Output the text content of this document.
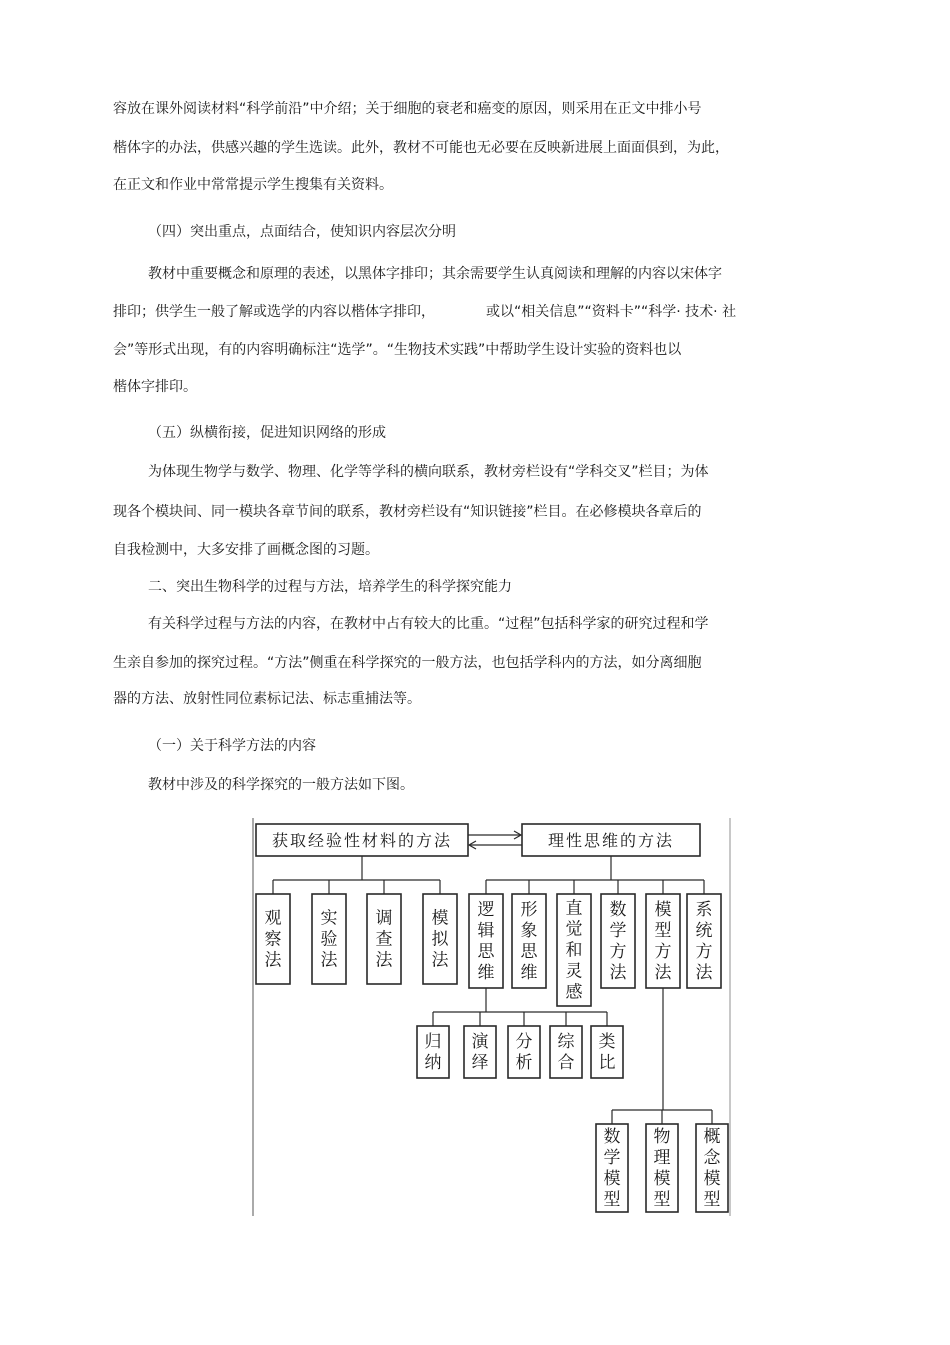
容放在课外阅读材料“科学前沿”中介绍；关于细胞的衰老和癌变的原因，则采用在正文中排小号
楷体字的办法，供感兴趣的学生选读。此外，教材不可能也无必要在反映新进展上面面俱到，为此，
在正文和作业中常常提示学生搜集有关资料。
（四）突出重点，点面结合，使知识内容层次分明
教材中重要概念和原理的表述，以黑体字排印；其余需要学生认真阅读和理解的内容以宋体字
排印；供学生一般了解或选学的内容以楷体字排印，	或以“相关信息”“资料卡”“科学· 技术· 社
会”等形式出现，有的内容明确标注“选学”。“生物技术实践”中帮助学生设计实验的资料也以
楷体字排印。
（五）纵横衔接，促进知识网络的形成
为体现生物学与数学、物理、化学等学科的横向联系，教材旁栏设有“学科交叉”栏目；为体
现各个模块间、同一模块各章节间的联系，教材旁栏设有“知识链接”栏目。在必修模块各章后的
自我检测中，大多安排了画概念图的习题。
二、突出生物科学的过程与方法，培养学生的科学探究能力
有关科学过程与方法的内容，在教材中占有较大的比重。“过程”包括科学家的研究过程和学
生亲自参加的探究过程。“方法”侧重在科学探究的一般方法，也包括学科内的方法，如分离细胞
器的方法、放射性同位素标记法、标志重捕法等。
（一）关于科学方法的内容
教材中涉及的科学探究的一般方法如下图。
获取经验性材料的方法	理性思维的方法
观察法
实验法
调查法
模拟法
逻辑思维
形象思维
直觉和灵感
数学方法
模型方法
系统方法
归纳
演绎
分析
综合
类比
数学模型
物理模型
概念模型
